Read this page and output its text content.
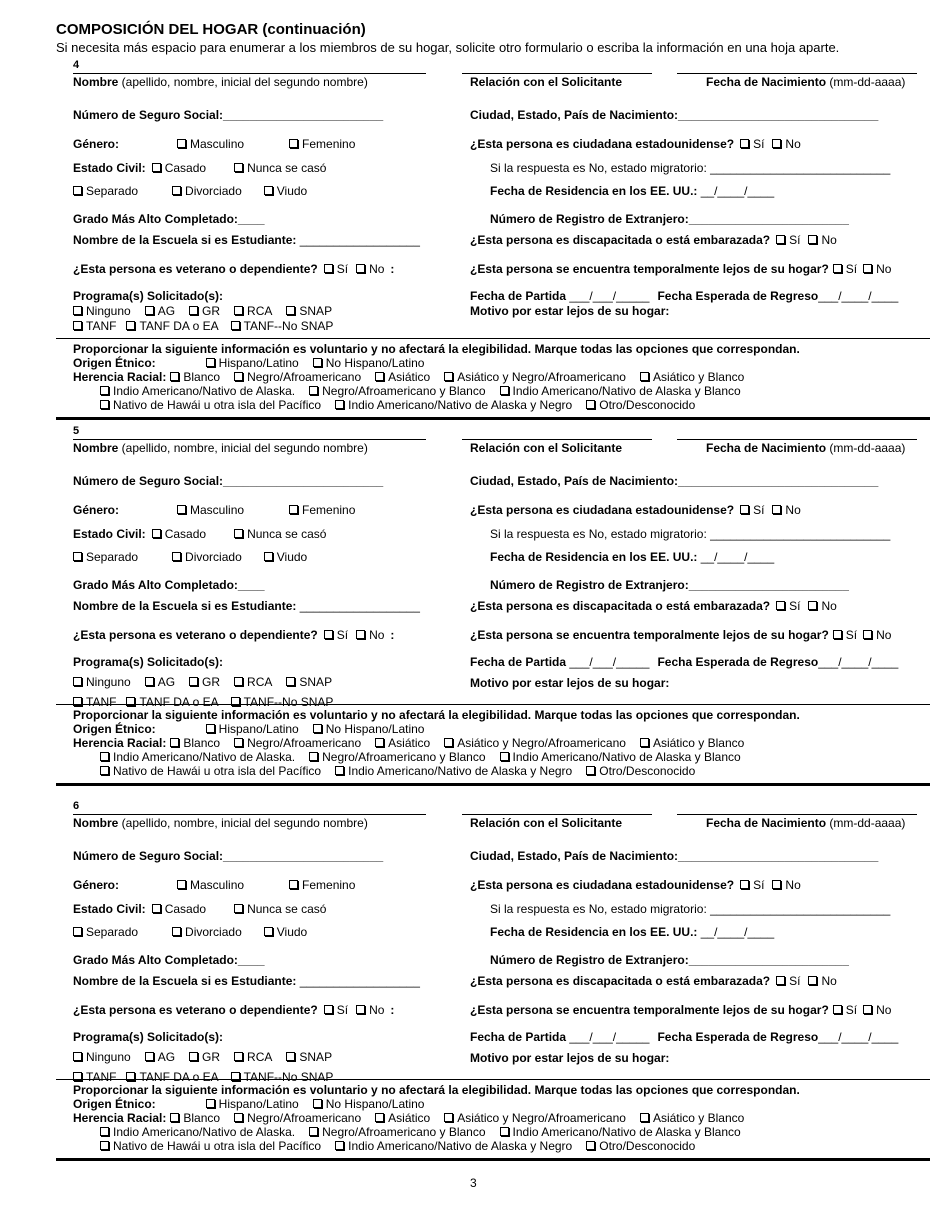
COMPOSICIÓN DEL HOGAR (continuación)
Si necesita más espacio para enumerar a los miembros de su hogar, solicite otro formulario o escriba la información en una hoja aparte.
4
Nombre (apellido, nombre, inicial del segundo nombre)	Relación con el Solicitante	Fecha de Nacimiento (mm-dd-aaaa)
Número de Seguro Social:________________________	Ciudad, Estado, País de Nacimiento:______________________________
Género:	Masculino	Femenino	¿Esta persona es ciudadana estadounidense? Sí No
Estado Civil: Casado	Nunca se casó	Si la respuesta es No, estado migratorio: ___________________________
Separado	Divorciado	Viudo	Fecha de Residencia en los EE. UU.: __/____/____
Grado Más Alto Completado:____	Número de Registro de Extranjero:________________________
Nombre de la Escuela si es Estudiante: __________________	¿Esta persona es discapacitada o está embarazada? Sí No
¿Esta persona es veterano o dependiente? Sí No :	¿Esta persona se encuentra temporalmente lejos de su hogar? Sí No
Programa(s) Solicitado(s):	Fecha de Partida ___/___/_____ Fecha Esperada de Regreso___/____/____
Ninguno AG GR RCA SNAP	Motivo por estar lejos de su hogar:
TANF TANF DA o EA TANF--No SNAP
Proporcionar la siguiente información es voluntario y no afectará la elegibilidad. Marque todas las opciones que correspondan.
Origen Étnico:	Hispano/Latino No Hispano/Latino
Herencia Racial: Blanco Negro/Afroamericano Asiático Asiático y Negro/Afroamericano Asiático y Blanco
Indio Americano/Nativo de Alaska. Negro/Afroamericano y Blanco Indio Americano/Nativo de Alaska y Blanco
Nativo de Hawái u otra isla del Pacífico Indio Americano/Nativo de Alaska y Negro Otro/Desconocido
5
Nombre (apellido, nombre, inicial del segundo nombre)	Relación con el Solicitante	Fecha de Nacimiento (mm-dd-aaaa)
Número de Seguro Social:________________________	Ciudad, Estado, País de Nacimiento:______________________________
Género:	Masculino	Femenino	¿Esta persona es ciudadana estadounidense? Sí No
Estado Civil: Casado	Nunca se casó	Si la respuesta es No, estado migratorio: ___________________________
Separado	Divorciado	Viudo	Fecha de Residencia en los EE. UU.: __/____/____
Grado Más Alto Completado:____	Número de Registro de Extranjero:________________________
Nombre de la Escuela si es Estudiante: __________________	¿Esta persona es discapacitada o está embarazada? Sí No
¿Esta persona es veterano o dependiente? Sí No :	¿Esta persona se encuentra temporalmente lejos de su hogar? Sí No
Programa(s) Solicitado(s):	Fecha de Partida ___/___/_____ Fecha Esperada de Regreso___/____/____
Ninguno AG GR RCA SNAP	Motivo por estar lejos de su hogar:
TANF TANF DA o EA TANF--No SNAP
Proporcionar la siguiente información es voluntario y no afectará la elegibilidad. Marque todas las opciones que correspondan.
Origen Étnico:	Hispano/Latino No Hispano/Latino
Herencia Racial: Blanco Negro/Afroamericano Asiático Asiático y Negro/Afroamericano Asiático y Blanco
Indio Americano/Nativo de Alaska. Negro/Afroamericano y Blanco Indio Americano/Nativo de Alaska y Blanco
Nativo de Hawái u otra isla del Pacífico Indio Americano/Nativo de Alaska y Negro Otro/Desconocido
6
Nombre (apellido, nombre, inicial del segundo nombre)	Relación con el Solicitante	Fecha de Nacimiento (mm-dd-aaaa)
Número de Seguro Social:________________________	Ciudad, Estado, País de Nacimiento:______________________________
Género:	Masculino	Femenino	¿Esta persona es ciudadana estadounidense? Sí No
Estado Civil: Casado	Nunca se casó	Si la respuesta es No, estado migratorio: ___________________________
Separado	Divorciado	Viudo	Fecha de Residencia en los EE. UU.: __/____/____
Grado Más Alto Completado:____	Número de Registro de Extranjero:________________________
Nombre de la Escuela si es Estudiante: __________________	¿Esta persona es discapacitada o está embarazada? Sí No
¿Esta persona es veterano o dependiente? Sí No :	¿Esta persona se encuentra temporalmente lejos de su hogar? Sí No
Programa(s) Solicitado(s):	Fecha de Partida ___/___/_____ Fecha Esperada de Regreso___/____/____
Ninguno AG GR RCA SNAP	Motivo por estar lejos de su hogar:
TANF TANF DA o EA TANF--No SNAP
Proporcionar la siguiente información es voluntario y no afectará la elegibilidad. Marque todas las opciones que correspondan.
Origen Étnico:	Hispano/Latino No Hispano/Latino
Herencia Racial: Blanco Negro/Afroamericano Asiático Asiático y Negro/Afroamericano Asiático y Blanco
Indio Americano/Nativo de Alaska. Negro/Afroamericano y Blanco Indio Americano/Nativo de Alaska y Blanco
Nativo de Hawái u otra isla del Pacífico Indio Americano/Nativo de Alaska y Negro Otro/Desconocido
3
